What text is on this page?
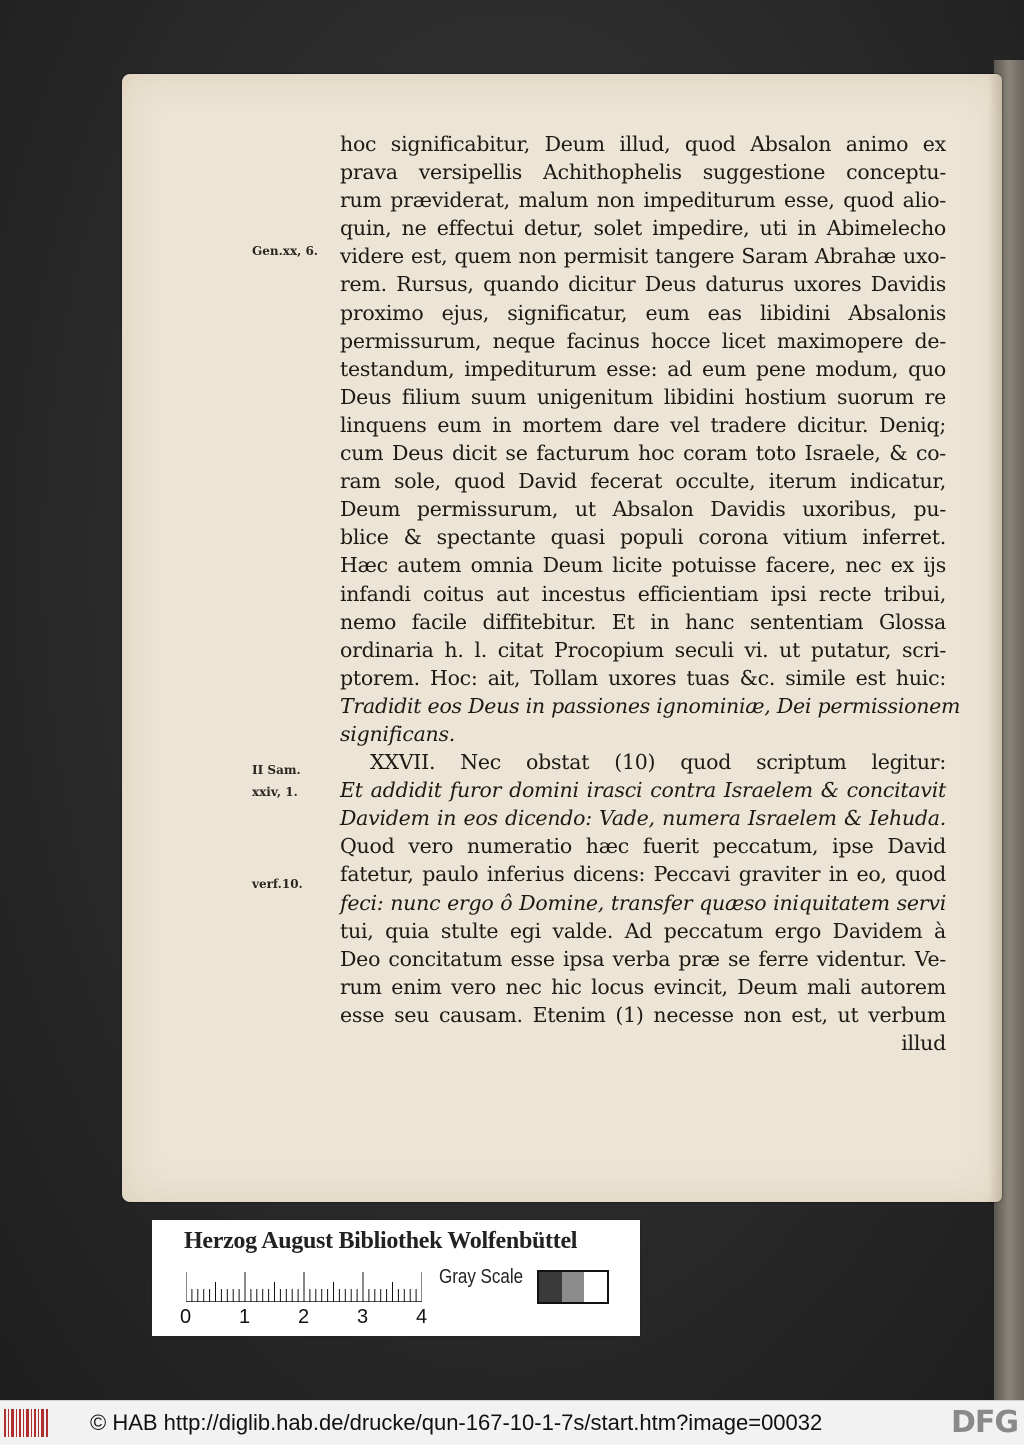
Gen.xx, 6.
II Sam.
xxiv, 1.
verf.10.
hoc significabitur, Deum illud, quod Absalon animo ex
prava versipellis Achithophelis suggestione conceptu-
rum præviderat, malum non impediturum esse, quod alio-
quin, ne effectui detur, solet impedire, uti in Abimelecho
videre est, quem non permisit tangere Saram Abrahæ uxo-
rem. Rursus, quando dicitur Deus daturus uxores Davidis
proximo ejus, significatur, eum eas libidini Absalonis
permissurum, neque facinus hocce licet maximopere de-
testandum, impediturum esse: ad eum pene modum, quo
Deus filium suum unigenitum libidini hostium suorum re
linquens eum in mortem dare vel tradere dicitur. Deniq;
cum Deus dicit se facturum hoc coram toto Israele, & co-
ram sole, quod David fecerat occulte, iterum indicatur,
Deum permissurum, ut Absalon Davidis uxoribus, pu-
blice & spectante quasi populi corona vitium inferret.
Hæc autem omnia Deum licite potuisse facere, nec ex ijs
infandi coitus aut incestus efficientiam ipsi recte tribui,
nemo facile diffitebitur. Et in hanc sententiam Glossa
ordinaria h. l. citat Procopium seculi vi. ut putatur, scri-
ptorem. Hoc: ait, Tollam uxores tuas &c. simile est huic:
Tradidit eos Deus in passiones ignominiæ, Dei permissionem
significans.
XXVII. Nec obstat (10) quod scriptum legitur:
Et addidit furor domini irasci contra Israelem & concitavit
Davidem in eos dicendo: Vade, numera Israelem & Iehuda.
Quod vero numeratio hæc fuerit peccatum, ipse David
fatetur, paulo inferius dicens: Peccavi graviter in eo, quod
feci: nunc ergo ô Domine, transfer quæso iniquitatem servi
tui, quia stulte egi valde. Ad peccatum ergo Davidem à
Deo concitatum esse ipsa verba præ se ferre videntur. Ve-
rum enim vero nec hic locus evincit, Deum mali autorem
esse seu causam. Etenim (1) necesse non est, ut verbum
illud
Herzog August Bibliothek Wolfenbüttel
0 1 2 3 4
Gray Scale
© HAB http://diglib.hab.de/drucke/qun-167-10-1-7s/start.htm?image=00032	DFG
